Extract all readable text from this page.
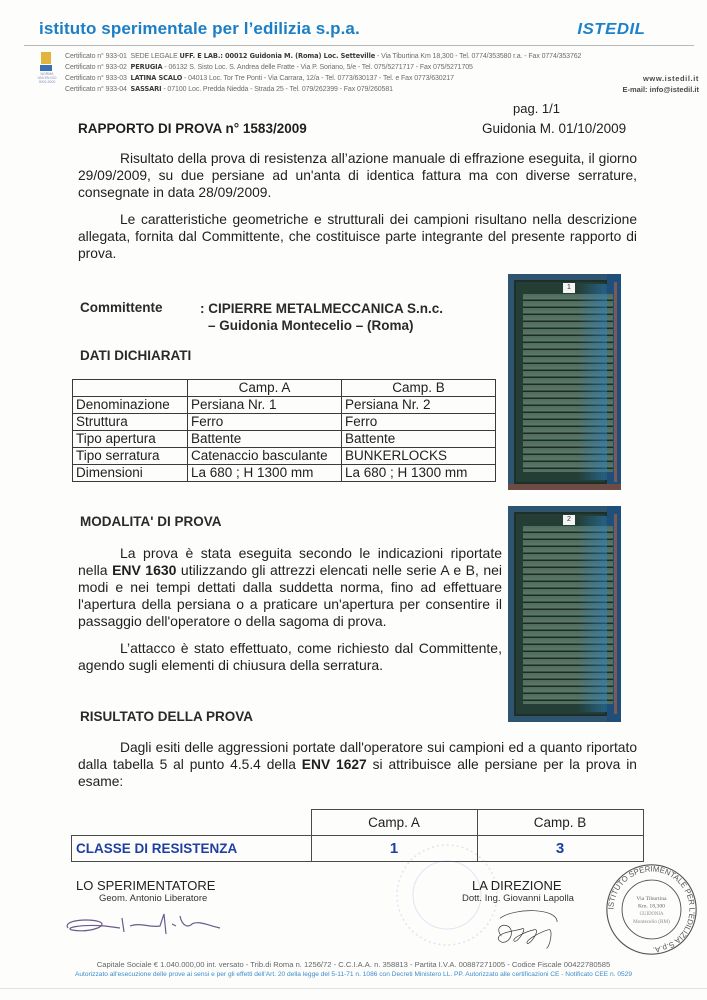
istituto sperimentale per l’edilizia s.p.a.	ISTEDIL
NORMA
UNI EN ISO
9001:2000
Certificato n° 933-01 SEDE LEGALE UFF. E LAB.: 00012 Guidonia M. (Roma) Loc. Setteville - Via Tiburtina Km 18,300 - Tel. 0774/353580 r.a. - Fax 0774/353762
Certificato n° 933-02 PERUGIA - 06132 S. Sisto Loc. S. Andrea delle Fratte - Via P. Soriano, 5/e - Tel. 075/5271717 - Fax 075/5271705
Certificato n° 933-03 LATINA SCALO - 04013 Loc. Tor Tre Ponti - Via Carrara, 12/a - Tel. 0773/630137 - Tel. e Fax 0773/630217
Certificato n° 933-04 SASSARI - 07100 Loc. Predda Niedda - Strada 25 - Tel. 079/262399 - Fax 079/260581
www.istedil.it
E-mail: info@istedil.it
pag. 1/1
RAPPORTO DI PROVA n° 1583/2009	Guidonia M. 01/10/2009
Risultato della prova di resistenza all’azione manuale di effrazione eseguita, il giorno 29/09/2009, su due persiane ad un'anta di identica fattura ma con diverse serrature, consegnate in data 28/09/2009.
Le caratteristiche geometriche e strutturali dei campioni risultano nella descrizione allegata, fornita dal Committente, che costituisce parte integrante del presente rapporto di prova.
Committente	: CIPIERRE METALMECCANICA S.n.c.
– Guidonia Montecelio – (Roma)
DATI DICHIARATI
	Camp. A	Camp. B
Denominazione	Persiana Nr. 1	Persiana Nr. 2
Struttura	Ferro	Ferro
Tipo apertura	Battente	Battente
Tipo serratura	Catenaccio basculante	BUNKERLOCKS
Dimensioni	La 680 ; H 1300 mm	La 680 ; H 1300 mm
1
2
MODALITA' DI PROVA
La prova è stata eseguita secondo le indicazioni riportate nella ENV 1630 utilizzando gli attrezzi elencati nelle serie A e B, nei modi e nei tempi dettati dalla suddetta norma, fino ad effettuare l'apertura della persiana o a praticare un'apertura per consentire il passaggio dell'operatore o della sagoma di prova.
L’attacco è stato effettuato, come richiesto dal Committente, agendo sugli elementi di chiusura della serratura.
RISULTATO DELLA PROVA
Dagli esiti delle aggressioni portate dall'operatore sui campioni ed a quanto riportato dalla tabella 5 al punto 4.5.4 della ENV 1627 si attribuisce alle persiane per la prova in esame:
	Camp. A	Camp. B
CLASSE DI RESISTENZA	1	3
LO SPERIMENTATORE
Geom. Antonio Liberatore
LA DIREZIONE
Dott. Ing. Giovanni Lapolla
ISTITUTO SPERIMENTALE PER L'EDILIZIA S.p.A.
Via Tiburtina
Km. 18,300
GUIDONIA
Montecelio (RM)
Capitale Sociale € 1.040.000,00 int. versato - Trib.di Roma n. 1256/72 - C.C.I.A.A. n. 358813 - Partita I.V.A. 00887271005 - Codice Fiscale 00422780585
Autorizzato all'esecuzione delle prove ai sensi e per gli effetti dell'Art. 20 della legge del 5-11-71 n. 1086 con Decreti Ministero LL. PP. Autorizzato alle certificazioni CE - Notificato CEE n. 0529
